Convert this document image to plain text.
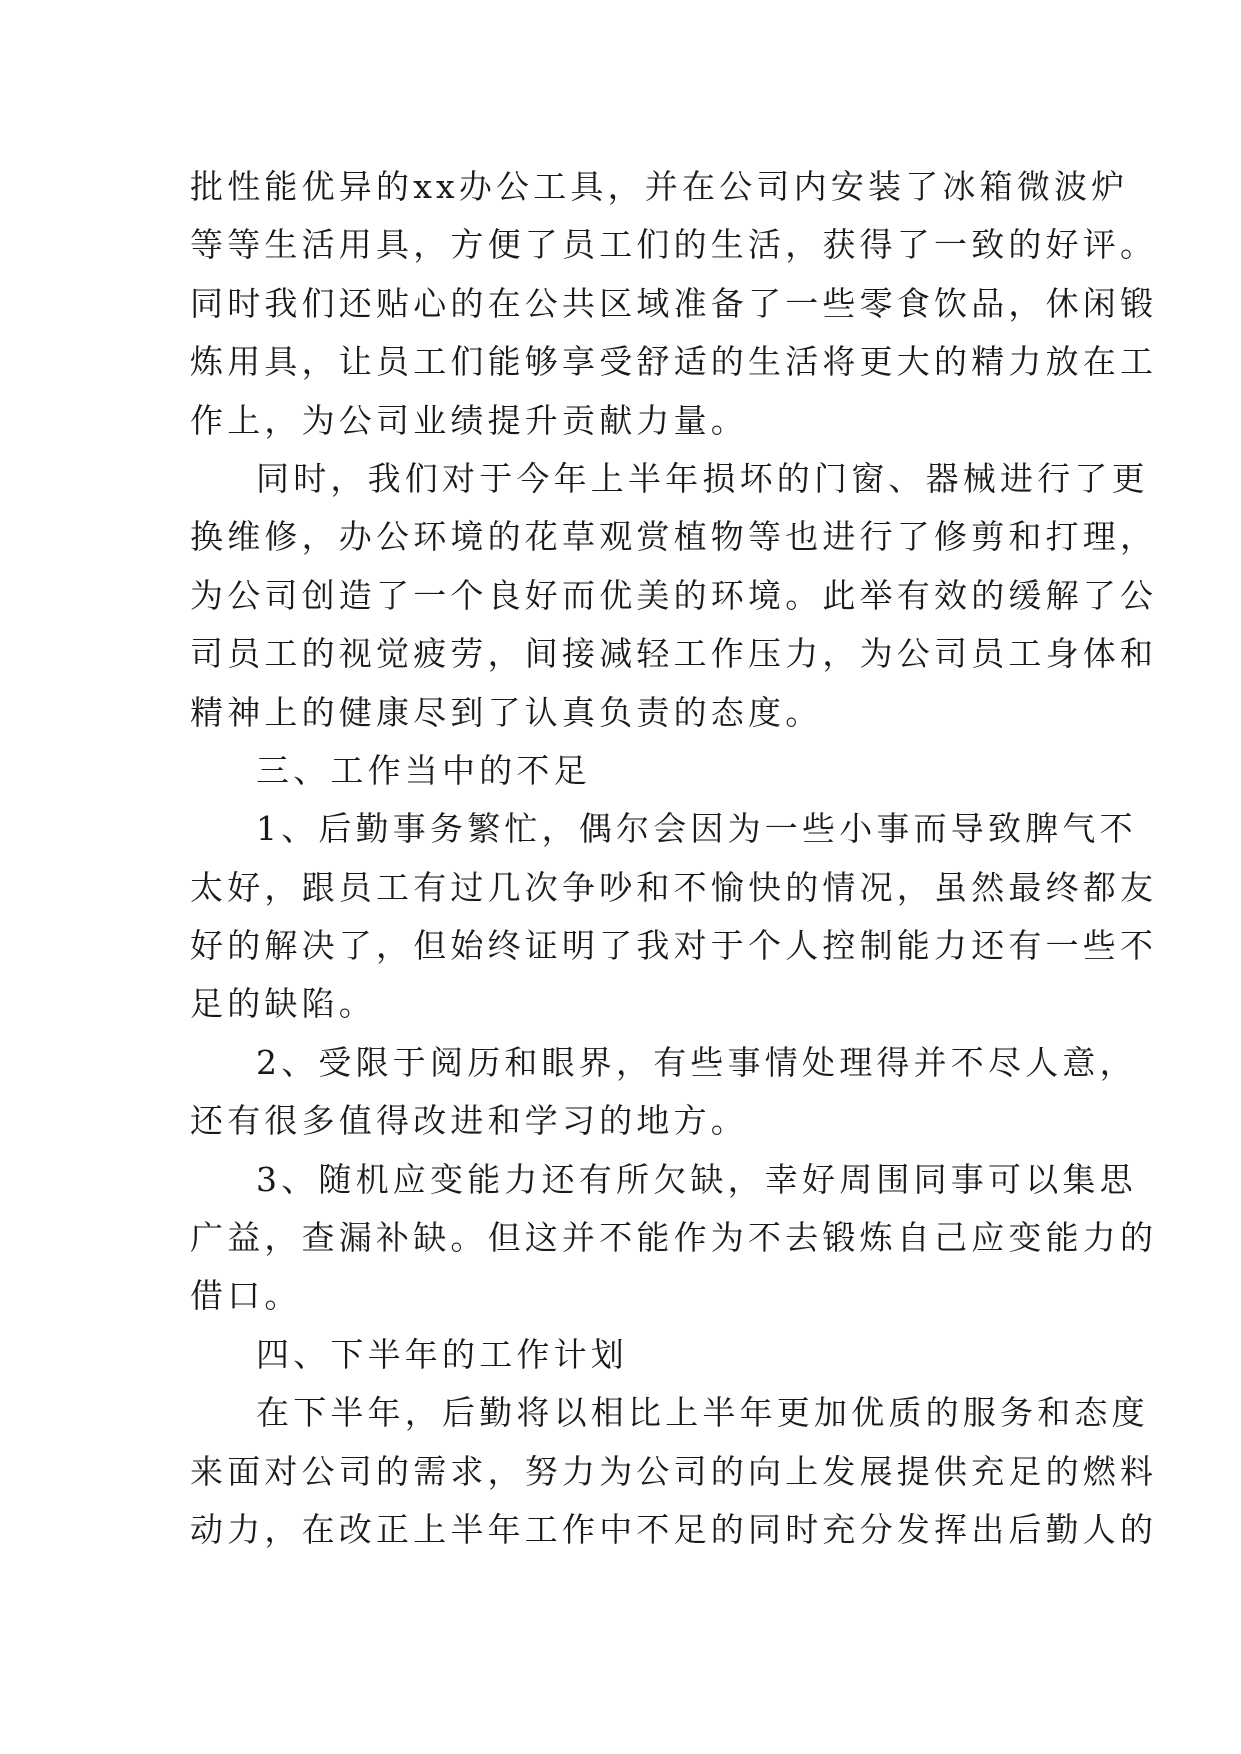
批性能优异的xx办公工具，并在公司内安装了冰箱微波炉
等等生活用具，方便了员工们的生活，获得了一致的好评。
同时我们还贴心的在公共区域准备了一些零食饮品，休闲锻
炼用具，让员工们能够享受舒适的生活将更大的精力放在工
作上，为公司业绩提升贡献力量。
同时，我们对于今年上半年损坏的门窗、器械进行了更
换维修，办公环境的花草观赏植物等也进行了修剪和打理，
为公司创造了一个良好而优美的环境。此举有效的缓解了公
司员工的视觉疲劳，间接减轻工作压力，为公司员工身体和
精神上的健康尽到了认真负责的态度。
三、工作当中的不足
1、后勤事务繁忙，偶尔会因为一些小事而导致脾气不
太好，跟员工有过几次争吵和不愉快的情况，虽然最终都友
好的解决了，但始终证明了我对于个人控制能力还有一些不
足的缺陷。
2、受限于阅历和眼界，有些事情处理得并不尽人意，
还有很多值得改进和学习的地方。
3、随机应变能力还有所欠缺，幸好周围同事可以集思
广益，查漏补缺。但这并不能作为不去锻炼自己应变能力的
借口。
四、下半年的工作计划
在下半年，后勤将以相比上半年更加优质的服务和态度
来面对公司的需求，努力为公司的向上发展提供充足的燃料
动力，在改正上半年工作中不足的同时充分发挥出后勤人的
